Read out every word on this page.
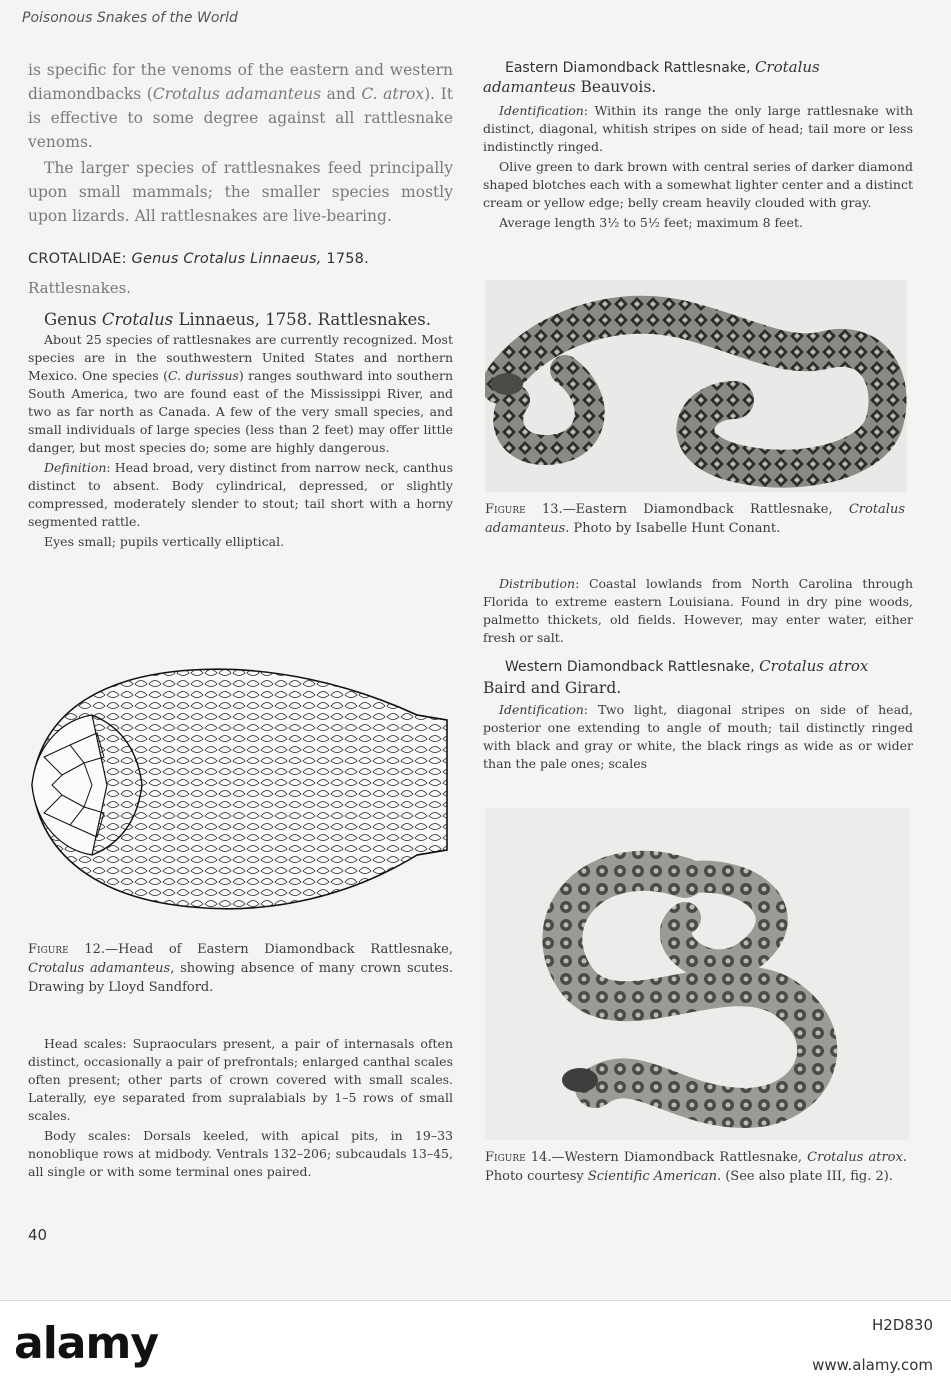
Poisonous Snakes of the World

is specific for the venoms of the eastern and western diamondbacks (Crotalus adamanteus and C. atrox). It is effective to some degree against all rattlesnake venoms.

The larger species of rattlesnakes feed principally upon small mammals; the smaller species mostly upon lizards. All rattlesnakes are live-bearing.

CROTALIDAE: Genus Crotalus Linnaeus, 1758.
Rattlesnakes.

Genus Crotalus Linnaeus, 1758. Rattlesnakes.

About 25 species of rattlesnakes are currently recognized. Most species are in the southwestern United States and northern Mexico. One species (C. durissus) ranges southward into southern South America, two are found east of the Mississippi River, and two as far north as Canada. A few of the very small species, and small individuals of large species (less than 2 feet) may offer little danger, but most species do; some are highly dangerous.

Definition: Head broad, very distinct from narrow neck, canthus distinct to absent. Body cylindrical, depressed, or slightly compressed, moderately slender to stout; tail short with a horny segmented rattle.

Eyes small; pupils vertically elliptical.

Figure 12.—Head of Eastern Diamondback Rattlesnake, Crotalus adamanteus, showing absence of many crown scutes. Drawing by Lloyd Sandford.

Head scales: Supraoculars present, a pair of internasals often distinct, occasionally a pair of prefrontals; enlarged canthal scales often present; other parts of crown covered with small scales. Laterally, eye separated from supralabials by 1–5 rows of small scales.

Body scales: Dorsals keeled, with apical pits, in 19–33 nonoblique rows at midbody. Ventrals 132–206; subcaudals 13–45, all single or with some terminal ones paired.

40
Eastern Diamondback Rattlesnake, Crotalus adamanteus Beauvois.

Identification: Within its range the only large rattlesnake with distinct, diagonal, whitish stripes on side of head; tail more or less indistinctly ringed.

Olive green to dark brown with central series of darker diamond shaped blotches each with a somewhat lighter center and a distinct cream or yellow edge; belly cream heavily clouded with gray.

Average length 3½ to 5½ feet; maximum 8 feet.

Figure 13.—Eastern Diamondback Rattlesnake, Crotalus adamanteus. Photo by Isabelle Hunt Conant.

Distribution: Coastal lowlands from North Carolina through Florida to extreme eastern Louisiana. Found in dry pine woods, palmetto thickets, old fields. However, may enter water, either fresh or salt.

Western Diamondback Rattlesnake, Crotalus atrox
Baird and Girard.

Identification: Two light, diagonal stripes on side of head, posterior one extending to angle of mouth; tail distinctly ringed with black and gray or white, the black rings as wide as or wider than the pale ones; scales

Figure 14.—Western Diamondback Rattlesnake, Crotalus atrox. Photo courtesy Scientific American. (See also plate III, fig. 2).
alamy	H2D830
www.alamy.com
